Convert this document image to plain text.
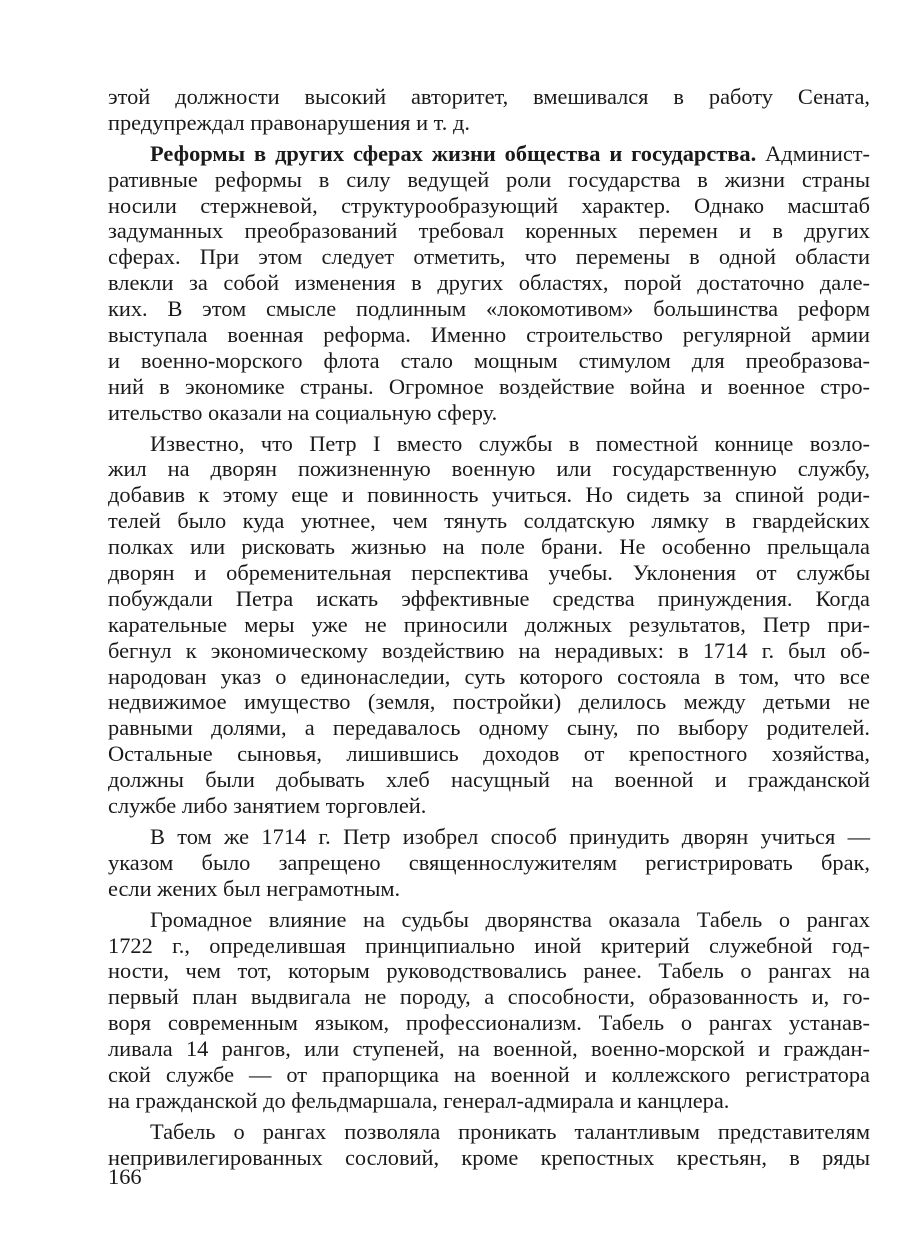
этой должности высокий авторитет, вмешивался в работу Сената,
предупреждал правонарушения и т. д.
Реформы в других сферах жизни общества и государства. Админист-
ративные реформы в силу ведущей роли государства в жизни страны
носили стержневой, структурообразующий характер. Однако масштаб
задуманных преобразований требовал коренных перемен и в других
сферах. При этом следует отметить, что перемены в одной области
влекли за собой изменения в других областях, порой достаточно дале-
ких. В этом смысле подлинным «локомотивом» большинства реформ
выступала военная реформа. Именно строительство регулярной армии
и военно-морского флота стало мощным стимулом для преобразова-
ний в экономике страны. Огромное воздействие война и военное стро-
ительство оказали на социальную сферу.
Известно, что Петр I вместо службы в поместной коннице возло-
жил на дворян пожизненную военную или государственную службу,
добавив к этому еще и повинность учиться. Но сидеть за спиной роди-
телей было куда уютнее, чем тянуть солдатскую лямку в гвардейских
полках или рисковать жизнью на поле брани. Не особенно прельщала
дворян и обременительная перспектива учебы. Уклонения от службы
побуждали Петра искать эффективные средства принуждения. Когда
карательные меры уже не приносили должных результатов, Петр при-
бегнул к экономическому воздействию на нерадивых: в 1714 г. был об-
народован указ о единонаследии, суть которого состояла в том, что все
недвижимое имущество (земля, постройки) делилось между детьми не
равными долями, а передавалось одному сыну, по выбору родителей.
Остальные сыновья, лишившись доходов от крепостного хозяйства,
должны были добывать хлеб насущный на военной и гражданской
службе либо занятием торговлей.
В том же 1714 г. Петр изобрел способ принудить дворян учиться —
указом было запрещено священнослужителям регистрировать брак,
если жених был неграмотным.
Громадное влияние на судьбы дворянства оказала Табель о рангах
1722 г., определившая принципиально иной критерий служебной год-
ности, чем тот, которым руководствовались ранее. Табель о рангах на
первый план выдвигала не породу, а способности, образованность и, го-
воря современным языком, профессионализм. Табель о рангах устанав-
ливала 14 рангов, или ступеней, на военной, военно-морской и граждан-
ской службе — от прапорщика на военной и коллежского регистратора
на гражданской до фельдмаршала, генерал-адмирала и канцлера.
Табель о рангах позволяла проникать талантливым представителям
непривилегированных сословий, кроме крепостных крестьян, в ряды
166
